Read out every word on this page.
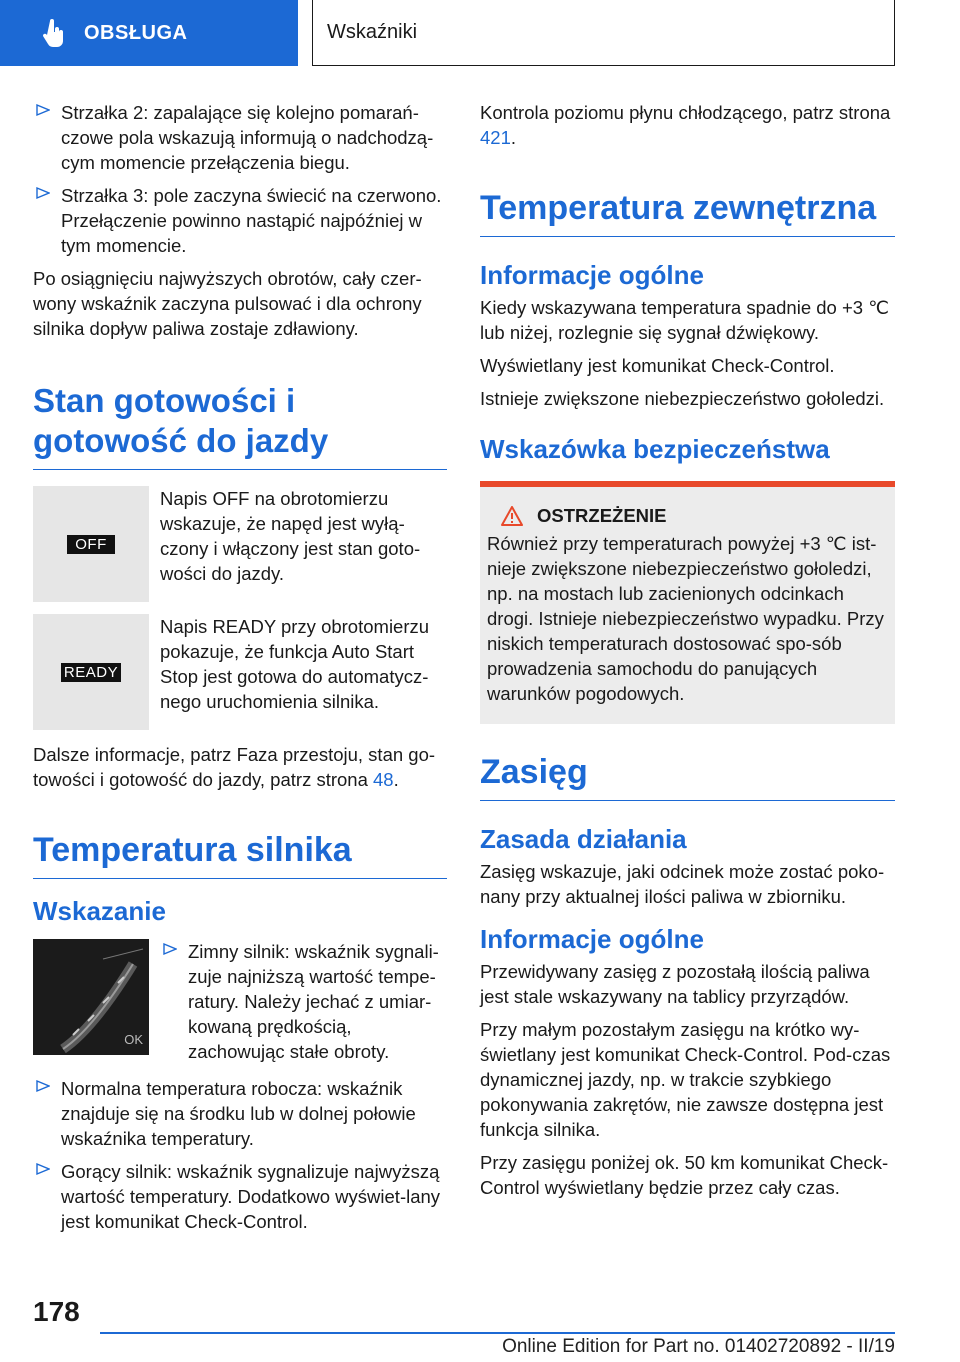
OBSŁUGA	Wskaźniki
Strzałka 2: zapalające się kolejno pomarań-czowe pola wskazują informują o nadchodzą-cym momencie przełączenia biegu.
Strzałka 3: pole zaczyna świecić na czerwono. Przełączenie powinno nastąpić najpóźniej w tym momencie.

Po osiągnięciu najwyższych obrotów, cały czer-wony wskaźnik zaczyna pulsować i dla ochrony silnika dopływ paliwa zostaje zdławiony.

Stan gotowości i gotowość do jazdy
OFF
Napis OFF na obrotomierzu wskazuje, że napęd jest wyłą-czony i włączony jest stan goto-wości do jazdy.
READY
Napis READY przy obrotomierzu pokazuje, że funkcja Auto Start Stop jest gotowa do automatycz-nego uruchomienia silnika.

Dalsze informacje, patrz Faza przestoju, stan go-towości i gotowość do jazdy, patrz strona 48.

Temperatura silnika
Wskazanie
OK
Zimny silnik: wskaźnik sygnali-zuje najniższą wartość tempe-ratury. Należy jechać z umiar-kowaną prędkością, zachowując stałe obroty.
Normalna temperatura robocza: wskaźnik znajduje się na środku lub w dolnej połowie wskaźnika temperatury.
Gorący silnik: wskaźnik sygnalizuje najwyższą wartość temperatury. Dodatkowo wyświet-lany jest komunikat Check-Control.

Kontrola poziomu płynu chłodzącego, patrz strona 421.

Temperatura zewnętrzna
Informacje ogólne

Kiedy wskazywana temperatura spadnie do +3 ℃ lub niżej, rozlegnie się sygnał dźwiękowy.

Wyświetlany jest komunikat Check-Control.

Istnieje zwiększone niebezpieczeństwo gołoledzi.

Wskazówka bezpieczeństwa
OSTRZEŻENIE

Również przy temperaturach powyżej +3 ℃ ist-nieje zwiększone niebezpieczeństwo gołoledzi, np. na mostach lub zacienionych odcinkach drogi. Istnieje niebezpieczeństwo wypadku. Przy niskich temperaturach dostosować spo-sób prowadzenia samochodu do panujących warunków pogodowych.

Zasięg
Zasada działania

Zasięg wskazuje, jaki odcinek może zostać poko-nany przy aktualnej ilości paliwa w zbiorniku.

Informacje ogólne

Przewidywany zasięg z pozostałą ilością paliwa jest stale wskazywany na tablicy przyrządów.

Przy małym pozostałym zasięgu na krótko wy-świetlany jest komunikat Check-Control. Pod-czas dynamicznej jazdy, np. w trakcie szybkiego pokonywania zakrętów, nie zawsze dostępna jest funkcja silnika.

Przy zasięgu poniżej ok. 50 km komunikat Check-Control wyświetlany będzie przez cały czas.

178
Online Edition for Part no. 01402720892 - II/19
